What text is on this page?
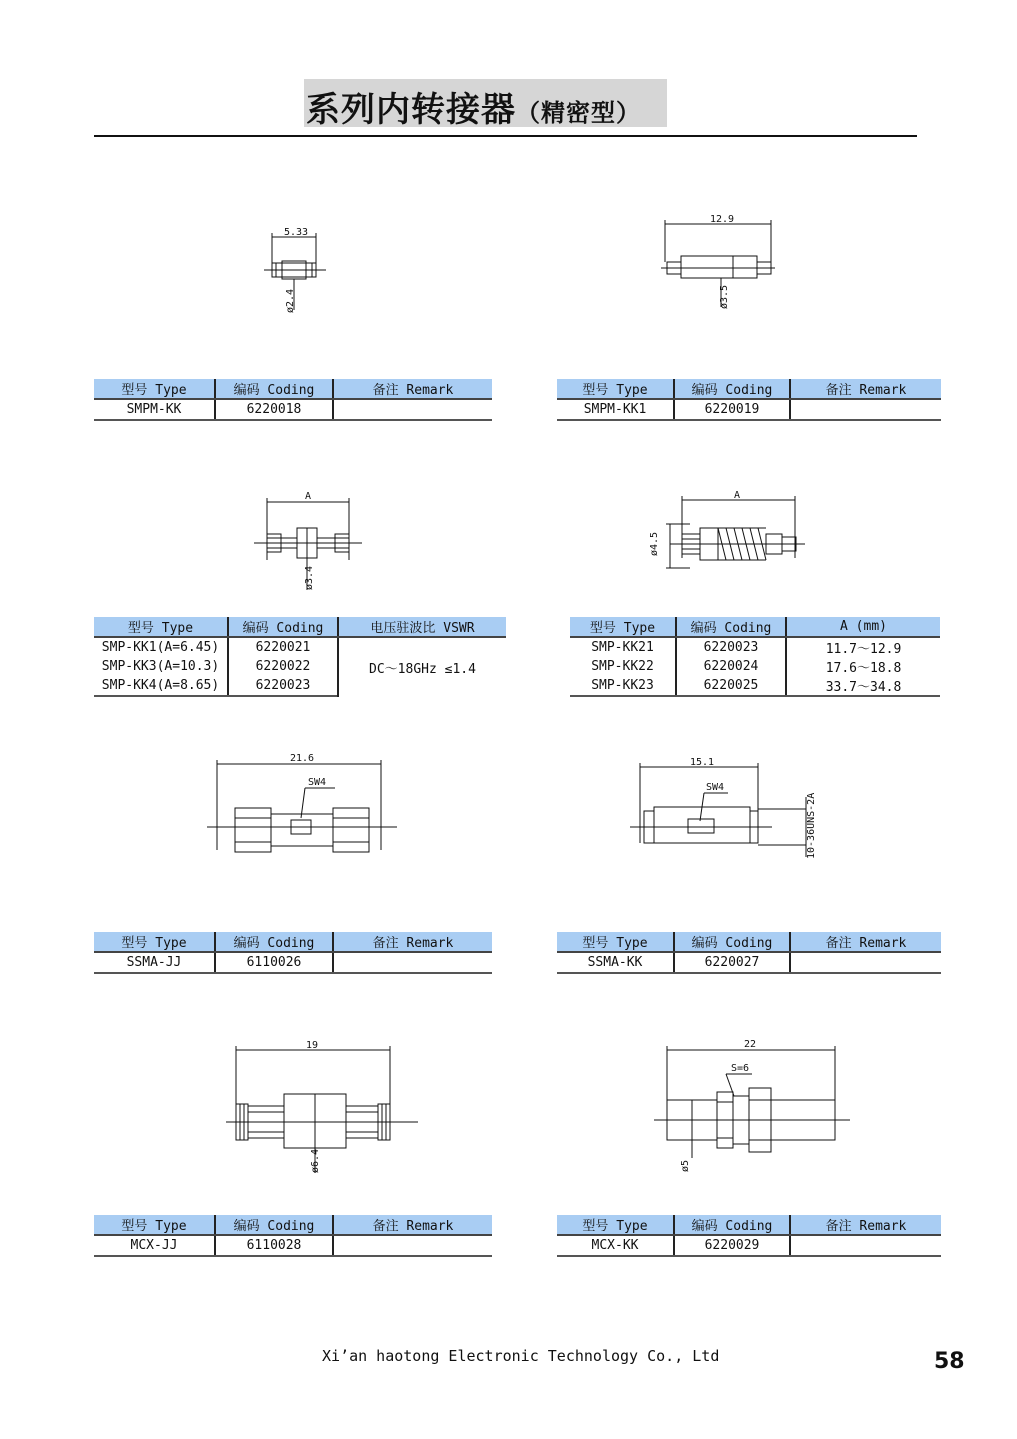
系列内转接器（精密型）
5.33
ø2.4
12.9
ø3.5
型号 Type	编码 Coding	备注 Remark
SMPM-KK	6220018	
型号 Type	编码 Coding	备注 Remark
SMPM-KK1	6220019	
A
ø3.4
A
ø4.5
型号 Type	编码 Coding	电压驻波比 VSWR
SMP-KK1(A=6.45)	6220021	DC～18GHz ≤1.4
SMP-KK3(A=10.3)	6220022	
SMP-KK4(A=8.65)	6220023	
型号 Type	编码 Coding	A (mm)
SMP-KK21	6220023	11.7～12.9
SMP-KK22	6220024	17.6～18.8
SMP-KK23	6220025	33.7～34.8
21.6
SW4
15.1
SW4
10-36UNS-2A
型号 Type	编码 Coding	备注 Remark
SSMA-JJ	6110026	
型号 Type	编码 Coding	备注 Remark
SSMA-KK	6220027	
19
ø6.4
22
S=6
ø5
型号 Type	编码 Coding	备注 Remark
MCX-JJ	6110028	
型号 Type	编码 Coding	备注 Remark
MCX-KK	6220029	
Xi’an haotong Electronic Technology Co., Ltd	58
